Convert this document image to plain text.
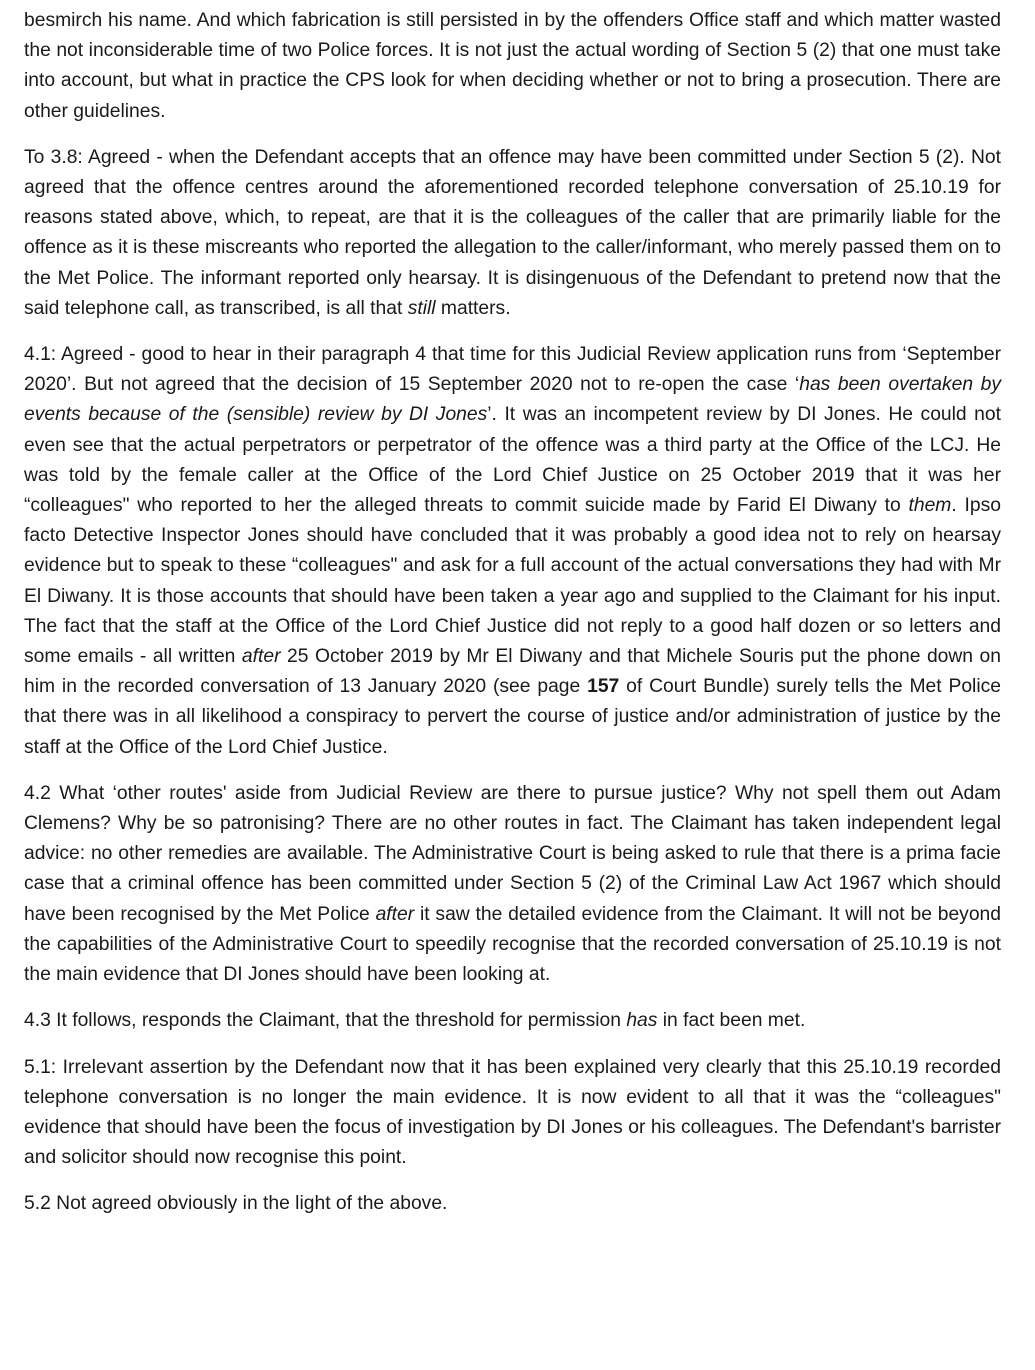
besmirch his name. And which fabrication is still persisted in by the offenders Office staff and which matter wasted the not inconsiderable time of two Police forces. It is not just the actual wording of Section 5 (2) that one must take into account, but what in practice the CPS look for when deciding whether or not to bring a prosecution. There are other guidelines.

To 3.8: Agreed - when the Defendant accepts that an offence may have been committed under Section 5 (2). Not agreed that the offence centres around the aforementioned recorded telephone conversation of 25.10.19 for reasons stated above, which, to repeat, are that it is the colleagues of the caller that are primarily liable for the offence as it is these miscreants who reported the allegation to the caller/informant, who merely passed them on to the Met Police. The informant reported only hearsay. It is disingenuous of the Defendant to pretend now that the said telephone call, as transcribed, is all that still matters.

4.1: Agreed - good to hear in their paragraph 4 that time for this Judicial Review application runs from ‘September 2020’. But not agreed that the decision of 15 September 2020 not to re-open the case ‘has been overtaken by events because of the (sensible) review by DI Jones’. It was an incompetent review by DI Jones. He could not even see that the actual perpetrators or perpetrator of the offence was a third party at the Office of the LCJ. He was told by the female caller at the Office of the Lord Chief Justice on 25 October 2019 that it was her “colleagues" who reported to her the alleged threats to commit suicide made by Farid El Diwany to them. Ipso facto Detective Inspector Jones should have concluded that it was probably a good idea not to rely on hearsay evidence but to speak to these “colleagues" and ask for a full account of the actual conversations they had with Mr El Diwany. It is those accounts that should have been taken a year ago and supplied to the Claimant for his input. The fact that the staff at the Office of the Lord Chief Justice did not reply to a good half dozen or so letters and some emails - all written after 25 October 2019 by Mr El Diwany and that Michele Souris put the phone down on him in the recorded conversation of 13 January 2020 (see page 157 of Court Bundle) surely tells the Met Police that there was in all likelihood a conspiracy to pervert the course of justice and/or administration of justice by the staff at the Office of the Lord Chief Justice.

4.2 What ‘other routes' aside from Judicial Review are there to pursue justice? Why not spell them out Adam Clemens? Why be so patronising? There are no other routes in fact. The Claimant has taken independent legal advice: no other remedies are available. The Administrative Court is being asked to rule that there is a prima facie case that a criminal offence has been committed under Section 5 (2) of the Criminal Law Act 1967 which should have been recognised by the Met Police after it saw the detailed evidence from the Claimant. It will not be beyond the capabilities of the Administrative Court to speedily recognise that the recorded conversation of 25.10.19 is not the main evidence that DI Jones should have been looking at.

4.3 It follows, responds the Claimant, that the threshold for permission has in fact been met.

5.1: Irrelevant assertion by the Defendant now that it has been explained very clearly that this 25.10.19 recorded telephone conversation is no longer the main evidence. It is now evident to all that it was the “colleagues" evidence that should have been the focus of investigation by DI Jones or his colleagues. The Defendant's barrister and solicitor should now recognise this point.

5.2 Not agreed obviously in the light of the above.
